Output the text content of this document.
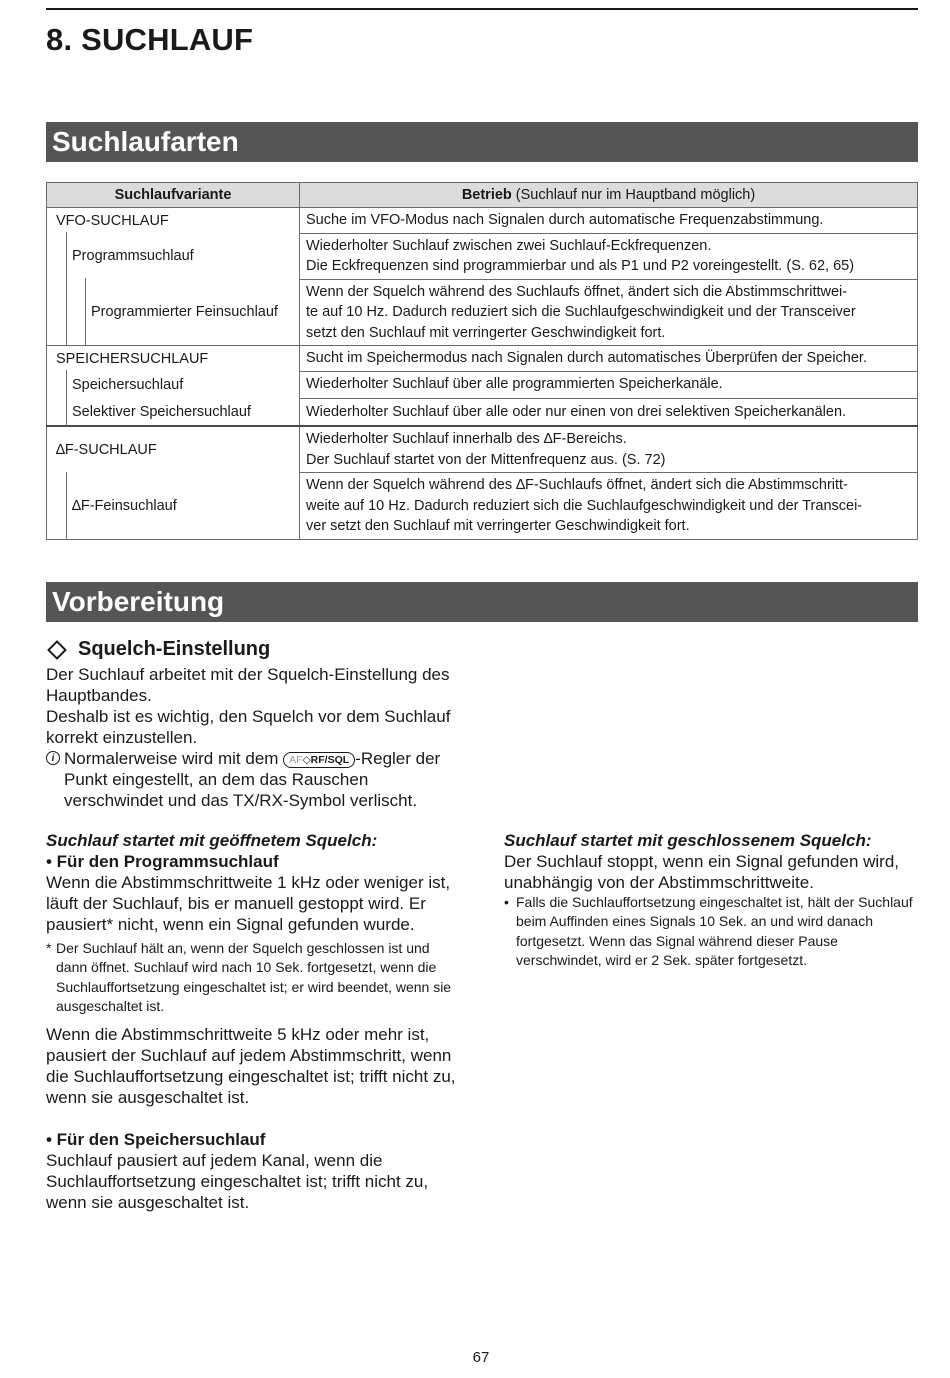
8. SUCHLAUF
Suchlaufarten
Suchlaufvariante	Betrieb (Suchlauf nur im Hauptband möglich)
VFO-SUCHLAUF	Suche im VFO-Modus nach Signalen durch automatische Frequenzabstimmung.

Programmsuchlauf	Wiederholter Suchlauf zwischen zwei Suchlauf-Eckfrequenzen.
Die Eckfrequenzen sind programmierbar und als P1 und P2 voreingestellt. (S. 62, 65)

Programmierter Feinsuchlauf	Wenn der Squelch während des Suchlaufs öffnet, ändert sich die Abstimmschrittwei-
te auf 10 Hz. Dadurch reduziert sich die Suchlaufgeschwindigkeit und der Transceiver
setzt den Suchlauf mit verringerter Geschwindigkeit fort.

SPEICHERSUCHLAUF	Sucht im Speichermodus nach Signalen durch automatisches Überprüfen der Speicher.

Speichersuchlauf	Wiederholter Suchlauf über alle programmierten Speicherkanäle.

Selektiver Speichersuchlauf	Wiederholter Suchlauf über alle oder nur einen von drei selektiven Speicherkanälen.

∆F-SUCHLAUF	Wiederholter Suchlauf innerhalb des ∆F-Bereichs.
Der Suchlauf startet von der Mittenfrequenz aus. (S. 72)

∆F-Feinsuchlauf	Wenn der Squelch während des ∆F-Suchlaufs öffnet, ändert sich die Abstimmschritt-
weite auf 10 Hz. Dadurch reduziert sich die Suchlaufgeschwindigkeit und der Transcei-
ver setzt den Suchlauf mit verringerter Geschwindigkeit fort.
Vorbereitung
Squelch-Einstellung

Der Suchlauf arbeitet mit der Squelch-Einstellung des Hauptbandes.

Deshalb ist es wichtig, den Squelch vor dem Suchlauf korrekt einzustellen.

i Normalerweise wird mit dem AF◇RF/SQL -Regler der Punkt eingestellt, an dem das Rauschen verschwindet und das TX/RX-Symbol verlischt.

Suchlauf startet mit geöffnetem Squelch:
• Für den Programmsuchlauf
Wenn die Abstimmschrittweite 1 kHz oder weniger ist, läuft der Suchlauf, bis er manuell gestoppt wird. Er pausiert* nicht, wenn ein Signal gefunden wurde.
* Der Suchlauf hält an, wenn der Squelch geschlossen ist und dann öffnet. Suchlauf wird nach 10 Sek. fortgesetzt, wenn die Suchlauffortsetzung eingeschaltet ist; er wird beendet, wenn sie ausgeschaltet ist.
Wenn die Abstimmschrittweite 5 kHz oder mehr ist, pausiert der Suchlauf auf jedem Abstimmschritt, wenn die Suchlauffortsetzung eingeschaltet ist; trifft nicht zu, wenn sie ausgeschaltet ist.
• Für den Speichersuchlauf
Suchlauf pausiert auf jedem Kanal, wenn die Suchlauffortsetzung eingeschaltet ist; trifft nicht zu, wenn sie ausgeschaltet ist.
Suchlauf startet mit geschlossenem Squelch:
Der Suchlauf stoppt, wenn ein Signal gefunden wird, unabhängig von der Abstimmschrittweite.
• Falls die Suchlauffortsetzung eingeschaltet ist, hält der Suchlauf beim Auffinden eines Signals 10 Sek. an und wird danach fortgesetzt. Wenn das Signal während dieser Pause verschwindet, wird er 2 Sek. später fortgesetzt.
67
